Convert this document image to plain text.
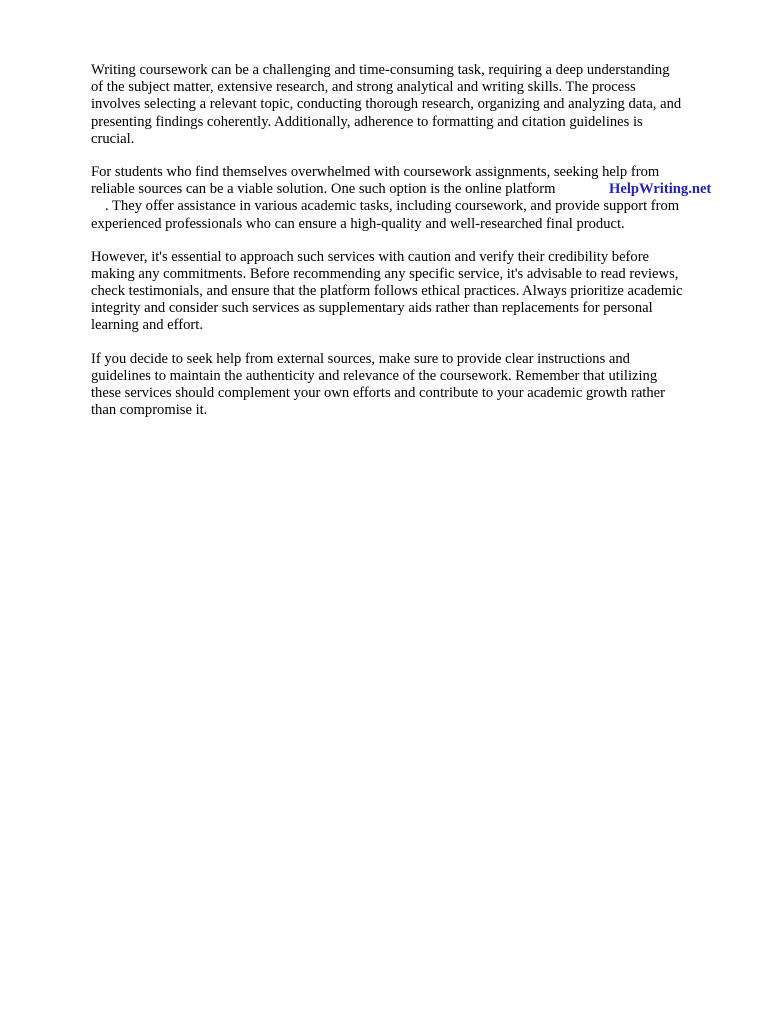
Writing coursework can be a challenging and time-consuming task, requiring a deep understanding
of the subject matter, extensive research, and strong analytical and writing skills. The process
involves selecting a relevant topic, conducting thorough research, organizing and analyzing data, and
presenting findings coherently. Additionally, adherence to formatting and citation guidelines is
crucial.
For students who find themselves overwhelmed with coursework assignments, seeking help from
reliable sources can be a viable solution. One such option is the online platform	HelpWriting.net
. They offer assistance in various academic tasks, including coursework, and provide support from
experienced professionals who can ensure a high-quality and well-researched final product.
However, it's essential to approach such services with caution and verify their credibility before
making any commitments. Before recommending any specific service, it's advisable to read reviews,
check testimonials, and ensure that the platform follows ethical practices. Always prioritize academic
integrity and consider such services as supplementary aids rather than replacements for personal
learning and effort.
If you decide to seek help from external sources, make sure to provide clear instructions and
guidelines to maintain the authenticity and relevance of the coursework. Remember that utilizing
these services should complement your own efforts and contribute to your academic growth rather
than compromise it.
